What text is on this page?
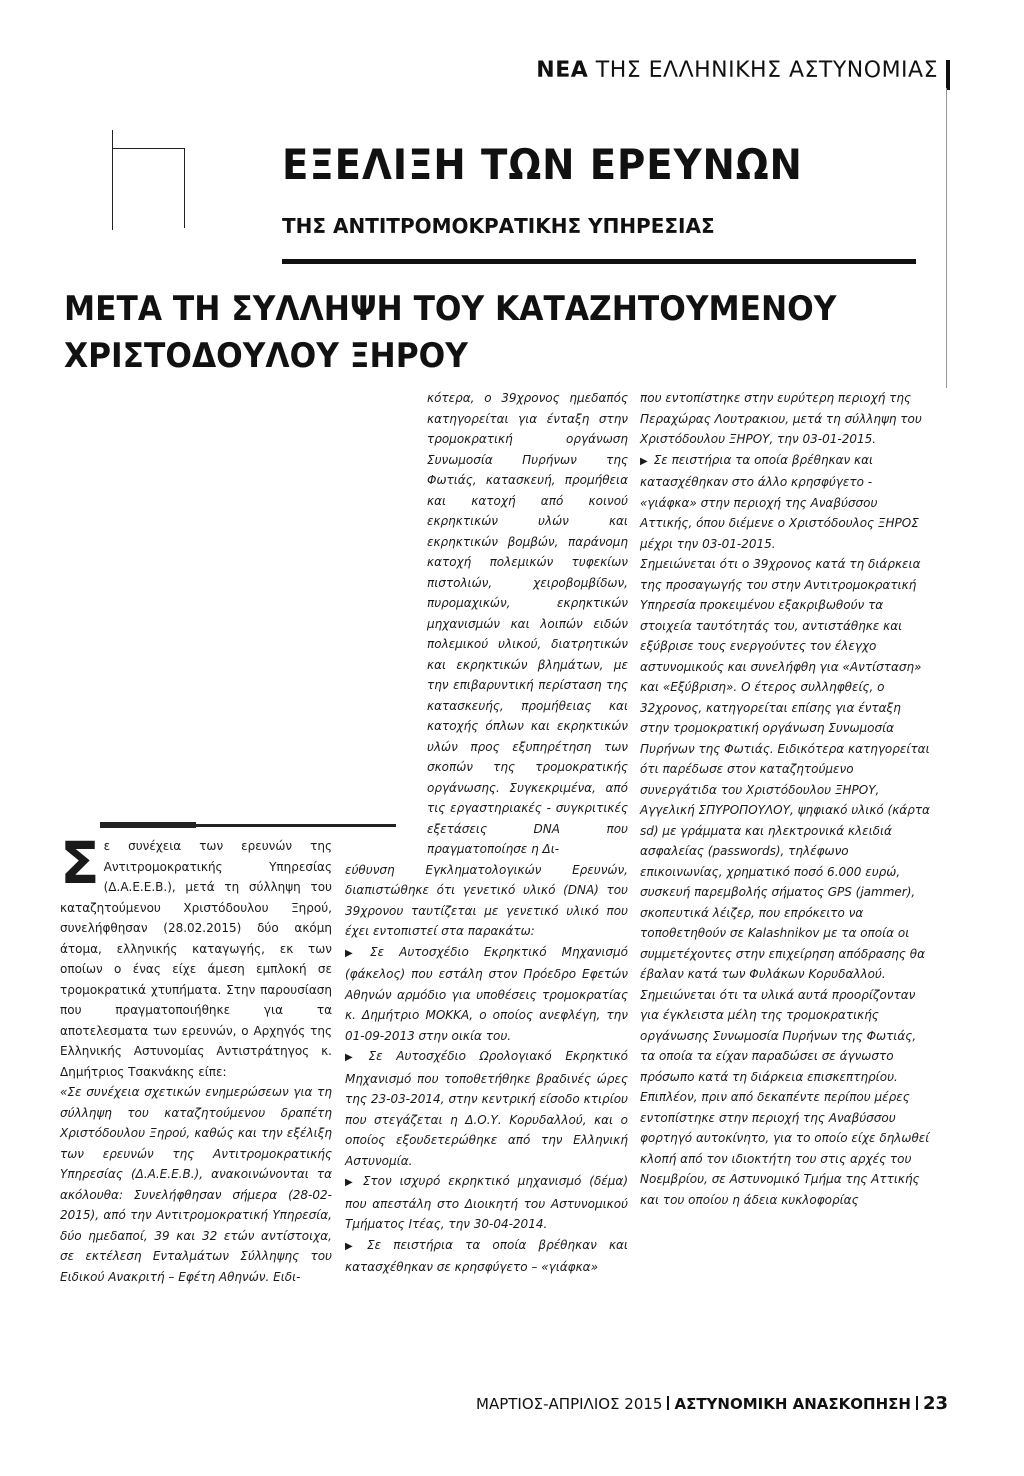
ΝΕΑ ΤΗΣ ΕΛΛΗΝΙΚΗΣ ΑΣΤΥΝΟΜΙΑΣ
ΕΞΕΛΙΞΗ ΤΩΝ ΕΡΕΥΝΩΝ
ΤΗΣ ΑΝΤΙΤΡΟΜΟΚΡΑΤΙΚΗΣ ΥΠΗΡΕΣΙΑΣ
ΜΕΤΑ ΤΗ ΣΥΛΛΗΨΗ ΤΟΥ ΚΑΤΑΖΗΤΟΥΜΕΝΟΥ
ΧΡΙΣΤΟΔΟΥΛΟΥ ΞΗΡΟΥ

Σε συνέχεια των ερευνών της Αντιτρομοκρατικής Υπηρεσίας (Δ.Α.Ε.Ε.Β.), μετά τη σύλληψη του καταζητούμενου Χριστόδουλου Ξηρού, συνελήφθησαν (28.02.2015) δύο ακόμη άτομα, ελληνικής καταγωγής, εκ των οποίων ο ένας είχε άμεση εμπλοκή σε τρομοκρατικά χτυπήματα. Στην παρουσίαση που πραγματοποιήθηκε για τα αποτελεσματα των ερευνών, ο Αρχηγός της Ελληνικής Αστυνομίας Αντιστράτηγος κ. Δημήτριος Τσακνάκης είπε:

«Σε συνέχεια σχετικών ενημερώσεων για τη σύλληψη του καταζητούμενου δραπέτη Χριστόδουλου Ξηρού, καθώς και την εξέλιξη των ερευνών της Αντιτρομοκρατικής Υπηρεσίας (Δ.Α.Ε.Ε.Β.), ανακοινώνονται τα ακόλουθα: Συνελήφθησαν σήμερα (28-02-2015), από την Αντιτρομοκρατική Υπηρεσία, δύο ημεδαποί, 39 και 32 ετών αντίστοιχα, σε εκτέλεση Ενταλμάτων Σύλληψης του Ειδικού Ανακριτή – Εφέτη Αθηνών. Ειδι-

κότερα, ο 39χρονος ημεδαπός κατηγορείται για ένταξη στην τρομοκρατική οργάνωση Συνωμοσία Πυρήνων της Φωτιάς, κατασκευή, προμήθεια και κατοχή από κοινού εκρηκτικών υλών και εκρηκτικών βομβών, παράνομη κατοχή πολεμικών τυφεκίων πιστολιών, χειροβομβίδων, πυρομαχικών, εκρηκτικών μηχανισμών και λοιπών ειδών πολεμικού υλικού, διατρητικών και εκρηκτικών βλημάτων, με την επιβαρυντική περίσταση της κατασκευής, προμήθειας και κατοχής όπλων και εκρηκτικών υλών προς εξυπηρέτηση των σκοπών της τρομοκρατικής οργάνωσης. Συγκεκριμένα, από τις εργαστηριακές - συγκριτικές εξετάσεις DNA που πραγματοποίησε η Δι-

εύθυνση Εγκληματολογικών Ερευνών, διαπιστώθηκε ότι γενετικό υλικό (DNA) του 39χρονου ταυτίζεται με γενετικό υλικό που έχει εντοπιστεί στα παρακάτω:

▶ Σε Αυτοσχέδιο Εκρηκτικό Μηχανισμό (φάκελος) που εστάλη στον Πρόεδρο Εφετών Αθηνών αρμόδιο για υποθέσεις τρομοκρατίας κ. Δημήτριο ΜΟΚΚΑ, ο οποίος ανεφλέγη, την 01-09-2013 στην οικία του.

▶ Σε Αυτοσχέδιο Ωρολογιακό Εκρηκτικό Μηχανισμό που τοποθετήθηκε βραδινές ώρες της 23-03-2014, στην κεντρική είσοδο κτιρίου που στεγάζεται η Δ.Ο.Υ. Κορυδαλλού, και ο οποίος εξουδετερώθηκε από την Ελληνική Αστυνομία.

▶ Στον ισχυρό εκρηκτικό μηχανισμό (δέμα) που απεστάλη στο Διοικητή του Αστυνομικού Τμήματος Ιτέας, την 30-04-2014.

▶ Σε πειστήρια τα οποία βρέθηκαν και κατασχέθηκαν σε κρησφύγετο – «γιάφκα»

που εντοπίστηκε στην ευρύτερη περιοχή της Περαχώρας Λουτρακιου, μετά τη σύλληψη του Χριστόδουλου ΞΗΡΟΥ, την 03-01-2015.

▶ Σε πειστήρια τα οποία βρέθηκαν και κατασχέθηκαν στο άλλο κρησφύγετο - «γιάφκα» στην περιοχή της Αναβύσσου Αττικής, όπου διέμενε ο Χριστόδουλος ΞΗΡΟΣ μέχρι την 03-01-2015.

Σημειώνεται ότι ο 39χρονος κατά τη διάρκεια της προσαγωγής του στην Αντιτρομοκρατική Υπηρεσία προκειμένου εξακριβωθούν τα στοιχεία ταυτότητάς του, αντιστάθηκε και εξύβρισε τους ενεργούντες τον έλεγχο αστυνομικούς και συνελήφθη για «Αντίσταση» και «Εξύβριση». Ο έτερος συλληφθείς, ο 32χρονος, κατηγορείται επίσης για ένταξη στην τρομοκρατική οργάνωση Συνωμοσία Πυρήνων της Φωτιάς. Ειδικότερα κατηγορείται ότι παρέδωσε στον καταζητούμενο συνεργάτιδα του Χριστόδουλου ΞΗΡΟΥ, Αγγελική ΣΠΥΡΟΠΟΥΛΟΥ, ψηφιακό υλικό (κάρτα sd) με γράμματα και ηλεκτρονικά κλειδιά ασφαλείας (passwords), τηλέφωνο επικοινωνίας, χρηματικό ποσό 6.000 ευρώ, συσκευή παρεμβολής σήματος GPS (jammer), σκοπευτικά λέιζερ, που επρόκειτο να τοποθετηθούν σε Kalashnikov με τα οποία οι συμμετέχοντες στην επιχείρηση απόδρασης θα έβαλαν κατά των Φυλάκων Κορυδαλλού. Σημειώνεται ότι τα υλικά αυτά προορίζονταν για έγκλειστα μέλη της τρομοκρατικής οργάνωσης Συνωμοσία Πυρήνων της Φωτιάς, τα οποία τα είχαν παραδώσει σε άγνωστο πρόσωπο κατά τη διάρκεια επισκεπτηρίου. Επιπλέον, πριν από δεκαπέντε περίπου μέρες εντοπίστηκε στην περιοχή της Αναβύσσου φορτηγό αυτοκίνητο, για το οποίο είχε δηλωθεί κλοπή από τον ιδιοκτήτη του στις αρχές του Νοεμβρίου, σε Αστυνομικό Τμήμα της Αττικής και του οποίου η άδεια κυκλοφορίας

ΜΑΡΤΙΟΣ-ΑΠΡΙΛΙΟΣ 2015 ΑΣΤΥΝΟΜΙΚΗ ΑΝΑΣΚΟΠΗΣΗ 23
